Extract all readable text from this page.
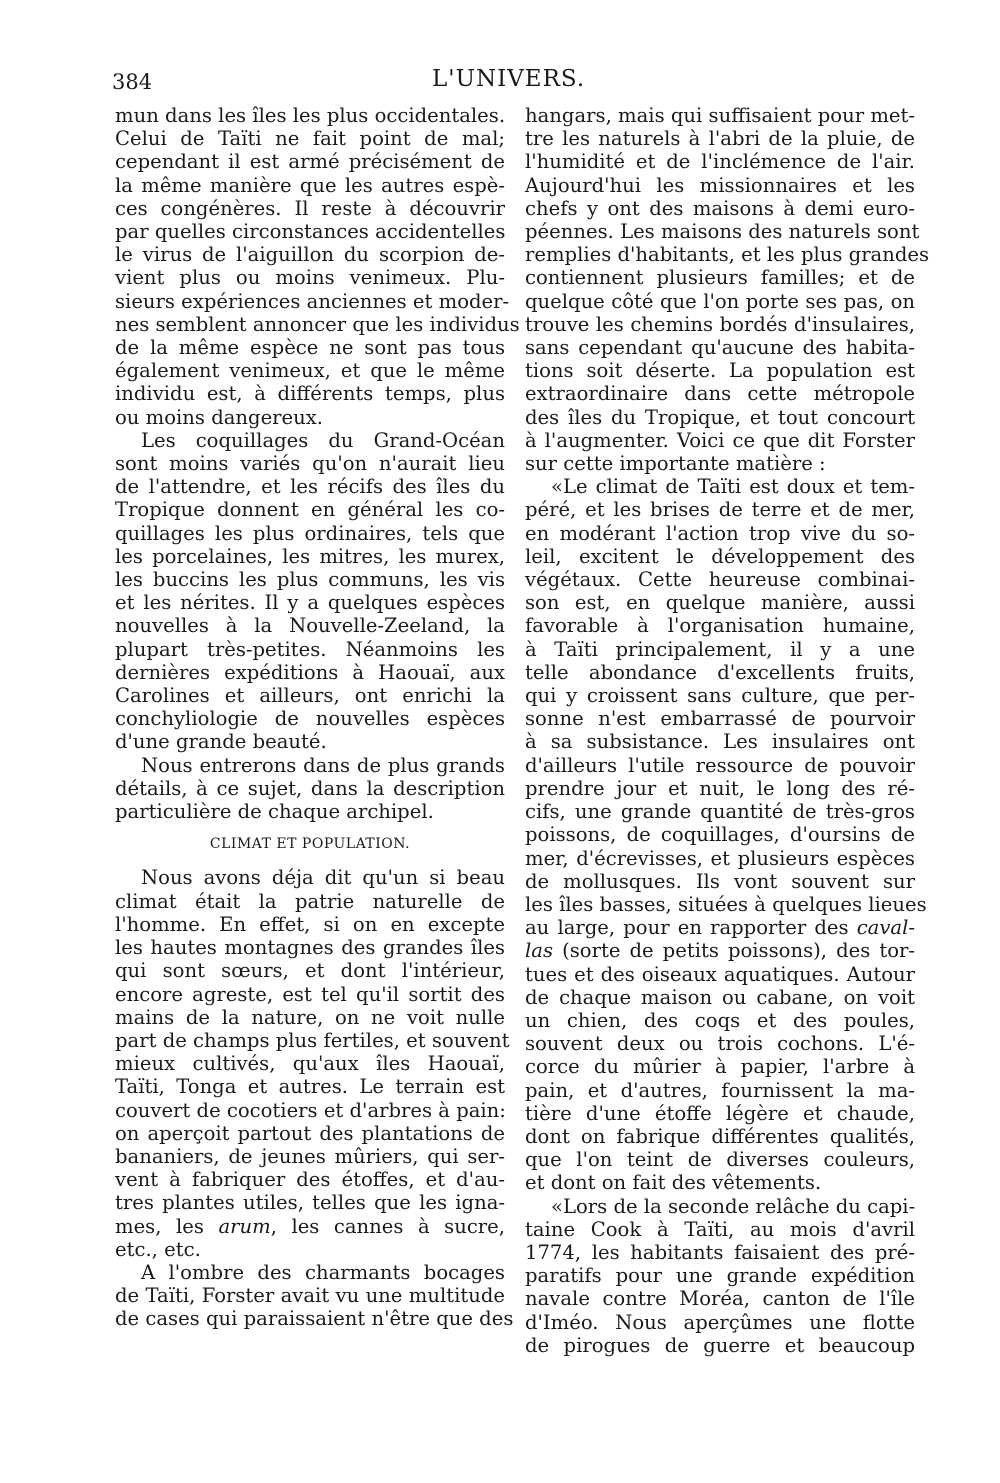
384	L'UNIVERS.
mun dans les îles les plus occidentales.
Celui de Taïti ne fait point de mal;
cependant il est armé précisément de
la même manière que les autres espè-
ces congénères. Il reste à découvrir
par quelles circonstances accidentelles
le virus de l'aiguillon du scorpion de-
vient plus ou moins venimeux. Plu-
sieurs expériences anciennes et moder-
nes semblent annoncer que les individus
de la même espèce ne sont pas tous
également venimeux, et que le même
individu est, à différents temps, plus
ou moins dangereux.
Les coquillages du Grand-Océan
sont moins variés qu'on n'aurait lieu
de l'attendre, et les récifs des îles du
Tropique donnent en général les co-
quillages les plus ordinaires, tels que
les porcelaines, les mitres, les murex,
les buccins les plus communs, les vis
et les nérites. Il y a quelques espèces
nouvelles à la Nouvelle-Zeeland, la
plupart très-petites. Néanmoins les
dernières expéditions à Haouaï, aux
Carolines et ailleurs, ont enrichi la
conchyliologie de nouvelles espèces
d'une grande beauté.
Nous entrerons dans de plus grands
détails, à ce sujet, dans la description
particulière de chaque archipel.
CLIMAT ET POPULATION.
Nous avons déja dit qu'un si beau
climat était la patrie naturelle de
l'homme. En effet, si on en excepte
les hautes montagnes des grandes îles
qui sont sœurs, et dont l'intérieur,
encore agreste, est tel qu'il sortit des
mains de la nature, on ne voit nulle
part de champs plus fertiles, et souvent
mieux cultivés, qu'aux îles Haouaï,
Taïti, Tonga et autres. Le terrain est
couvert de cocotiers et d'arbres à pain:
on aperçoit partout des plantations de
bananiers, de jeunes mûriers, qui ser-
vent à fabriquer des étoffes, et d'au-
tres plantes utiles, telles que les igna-
mes, les arum, les cannes à sucre,
etc., etc.
A l'ombre des charmants bocages
de Taïti, Forster avait vu une multitude
de cases qui paraissaient n'être que des
hangars, mais qui suffisaient pour met-
tre les naturels à l'abri de la pluie, de
l'humidité et de l'inclémence de l'air.
Aujourd'hui les missionnaires et les
chefs y ont des maisons à demi euro-
péennes. Les maisons des naturels sont
remplies d'habitants, et les plus grandes
contiennent plusieurs familles; et de
quelque côté que l'on porte ses pas, on
trouve les chemins bordés d'insulaires,
sans cependant qu'aucune des habita-
tions soit déserte. La population est
extraordinaire dans cette métropole
des îles du Tropique, et tout concourt
à l'augmenter. Voici ce que dit Forster
sur cette importante matière :
«Le climat de Taïti est doux et tem-
péré, et les brises de terre et de mer,
en modérant l'action trop vive du so-
leil, excitent le développement des
végétaux. Cette heureuse combinai-
son est, en quelque manière, aussi
favorable à l'organisation humaine,
à Taïti principalement, il y a une
telle abondance d'excellents fruits,
qui y croissent sans culture, que per-
sonne n'est embarrassé de pourvoir
à sa subsistance. Les insulaires ont
d'ailleurs l'utile ressource de pouvoir
prendre jour et nuit, le long des ré-
cifs, une grande quantité de très-gros
poissons, de coquillages, d'oursins de
mer, d'écrevisses, et plusieurs espèces
de mollusques. Ils vont souvent sur
les îles basses, situées à quelques lieues
au large, pour en rapporter des caval-
las (sorte de petits poissons), des tor-
tues et des oiseaux aquatiques. Autour
de chaque maison ou cabane, on voit
un chien, des coqs et des poules,
souvent deux ou trois cochons. L'é-
corce du mûrier à papier, l'arbre à
pain, et d'autres, fournissent la ma-
tière d'une étoffe légère et chaude,
dont on fabrique différentes qualités,
que l'on teint de diverses couleurs,
et dont on fait des vêtements.
«Lors de la seconde relâche du capi-
taine Cook à Taïti, au mois d'avril
1774, les habitants faisaient des pré-
paratifs pour une grande expédition
navale contre Moréa, canton de l'île
d'Iméo. Nous aperçûmes une flotte
de pirogues de guerre et beaucoup
